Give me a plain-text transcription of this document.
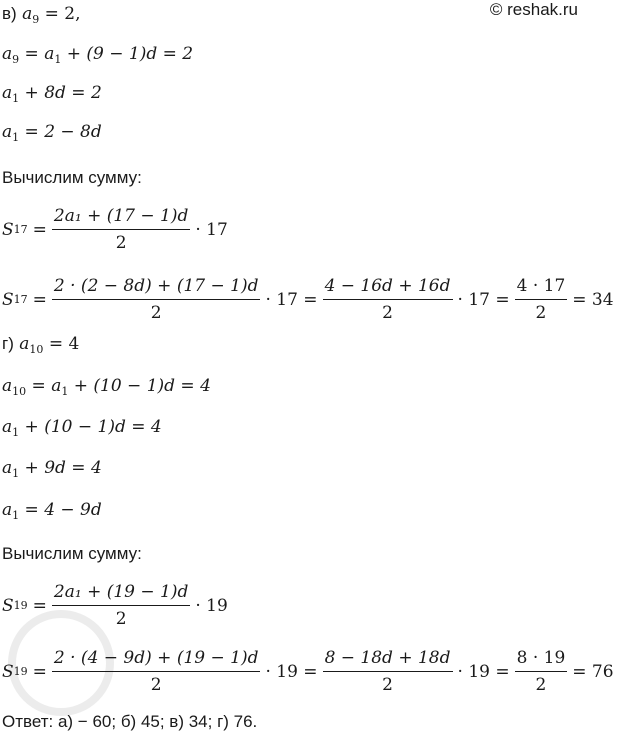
© reshak.ru
в) $a_9 = 2$,
$a_9 = a_1 + (9 - 1)d = 2$
$a_1 + 8d = 2$
$a_1 = 2 - 8d$
Вычислим сумму:
S $17 = \frac{\text{2a₁ + (17 − 1)d}}{2} \cdot 17$
S $17 = \frac{2 \cdot (2 - 8d) + (17 - 1)d}{2} \cdot 17 = \frac{4 - 16d + 16d}{2} \cdot 17 = \frac{4 \cdot 17}{2} = 34$
г) $a_{10} = 4$
$a_{10} = a_1 + (10 - 1)d = 4$
$a_1 + (10 - 1)d = 4$
$a_1 + 9d = 4$
$a_1 = 4 - 9d$
Вычислим сумму:
S $19 = \frac{\text{2a₁ + (19 − 1)d}}{2} \cdot 19$
S $19 = \frac{2 \cdot (4 - 9d) + (19 - 1)d}{2} \cdot 19 = \frac{8 - 18d + 18d}{2} \cdot 19 = \frac{8 \cdot 19}{2} = 76$
Ответ: а) − 60; б) 45; в) 34; г) 76.
